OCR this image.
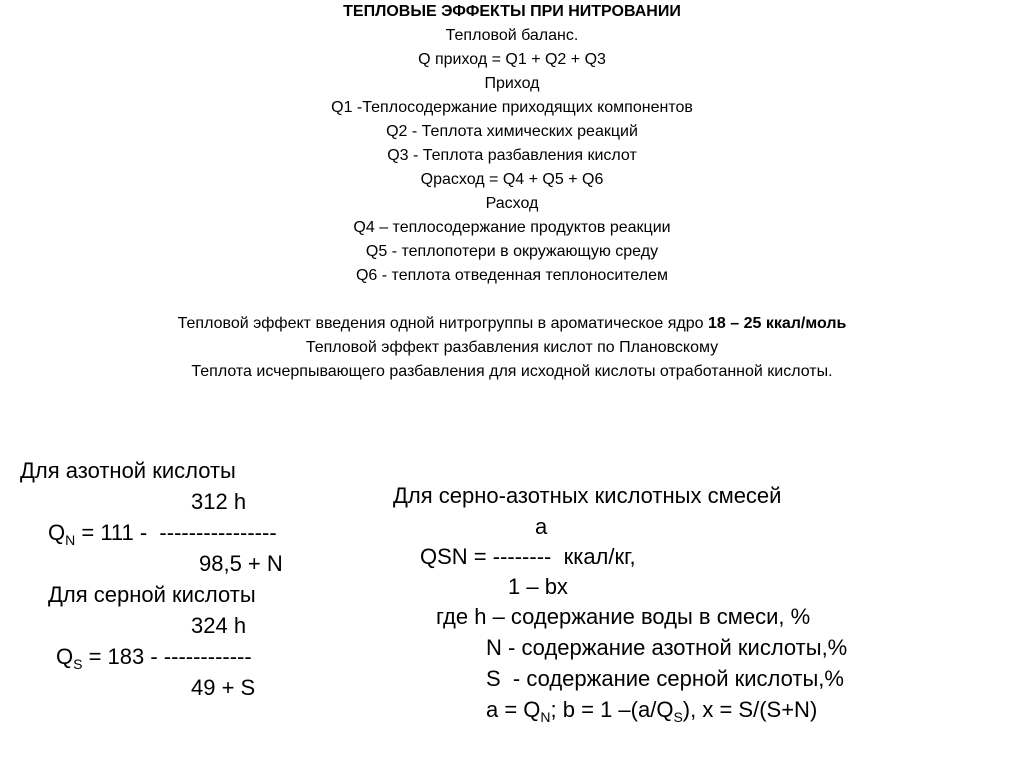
ТЕПЛОВЫЕ ЭФФЕКТЫ ПРИ НИТРОВАНИИ
Тепловой баланс.
Q приход = Q1 + Q2 + Q3
Приход
Q1 -Теплосодержание приходящих компонентов
Q2 - Теплота химических реакций
Q3 - Теплота разбавления кислот
Qрасход = Q4 + Q5 + Q6
Расход
Q4 – теплосодержание продуктов реакции
Q5 - теплопотери в окружающую среду
Q6 - теплота отведенная теплоносителем
Тепловой эффект введения одной нитрогруппы в ароматическое ядро 18 – 25 ккал/моль
Тепловой эффект разбавления кислот по Плановскому
Теплота исчерпывающего разбавления для исходной кислоты отработанной кислоты.
Для азотной кислоты
312 h
$Q_N = 111$ -  ----------------
98,5 + N
Для серной кислоты
324 h
$Q_S = 183$ - ------------
49 + S
Для серно-азотных кислотных смесей
а
QSN = --------  ккал/кг,
1 – bx
где h – содержание воды в смеси, %
N - содержание азотной кислоты,%
S  - содержание серной кислоты,%
$а = Q_N$; b = 1 $-(a/Q_S)$, x = S/(S+N)
